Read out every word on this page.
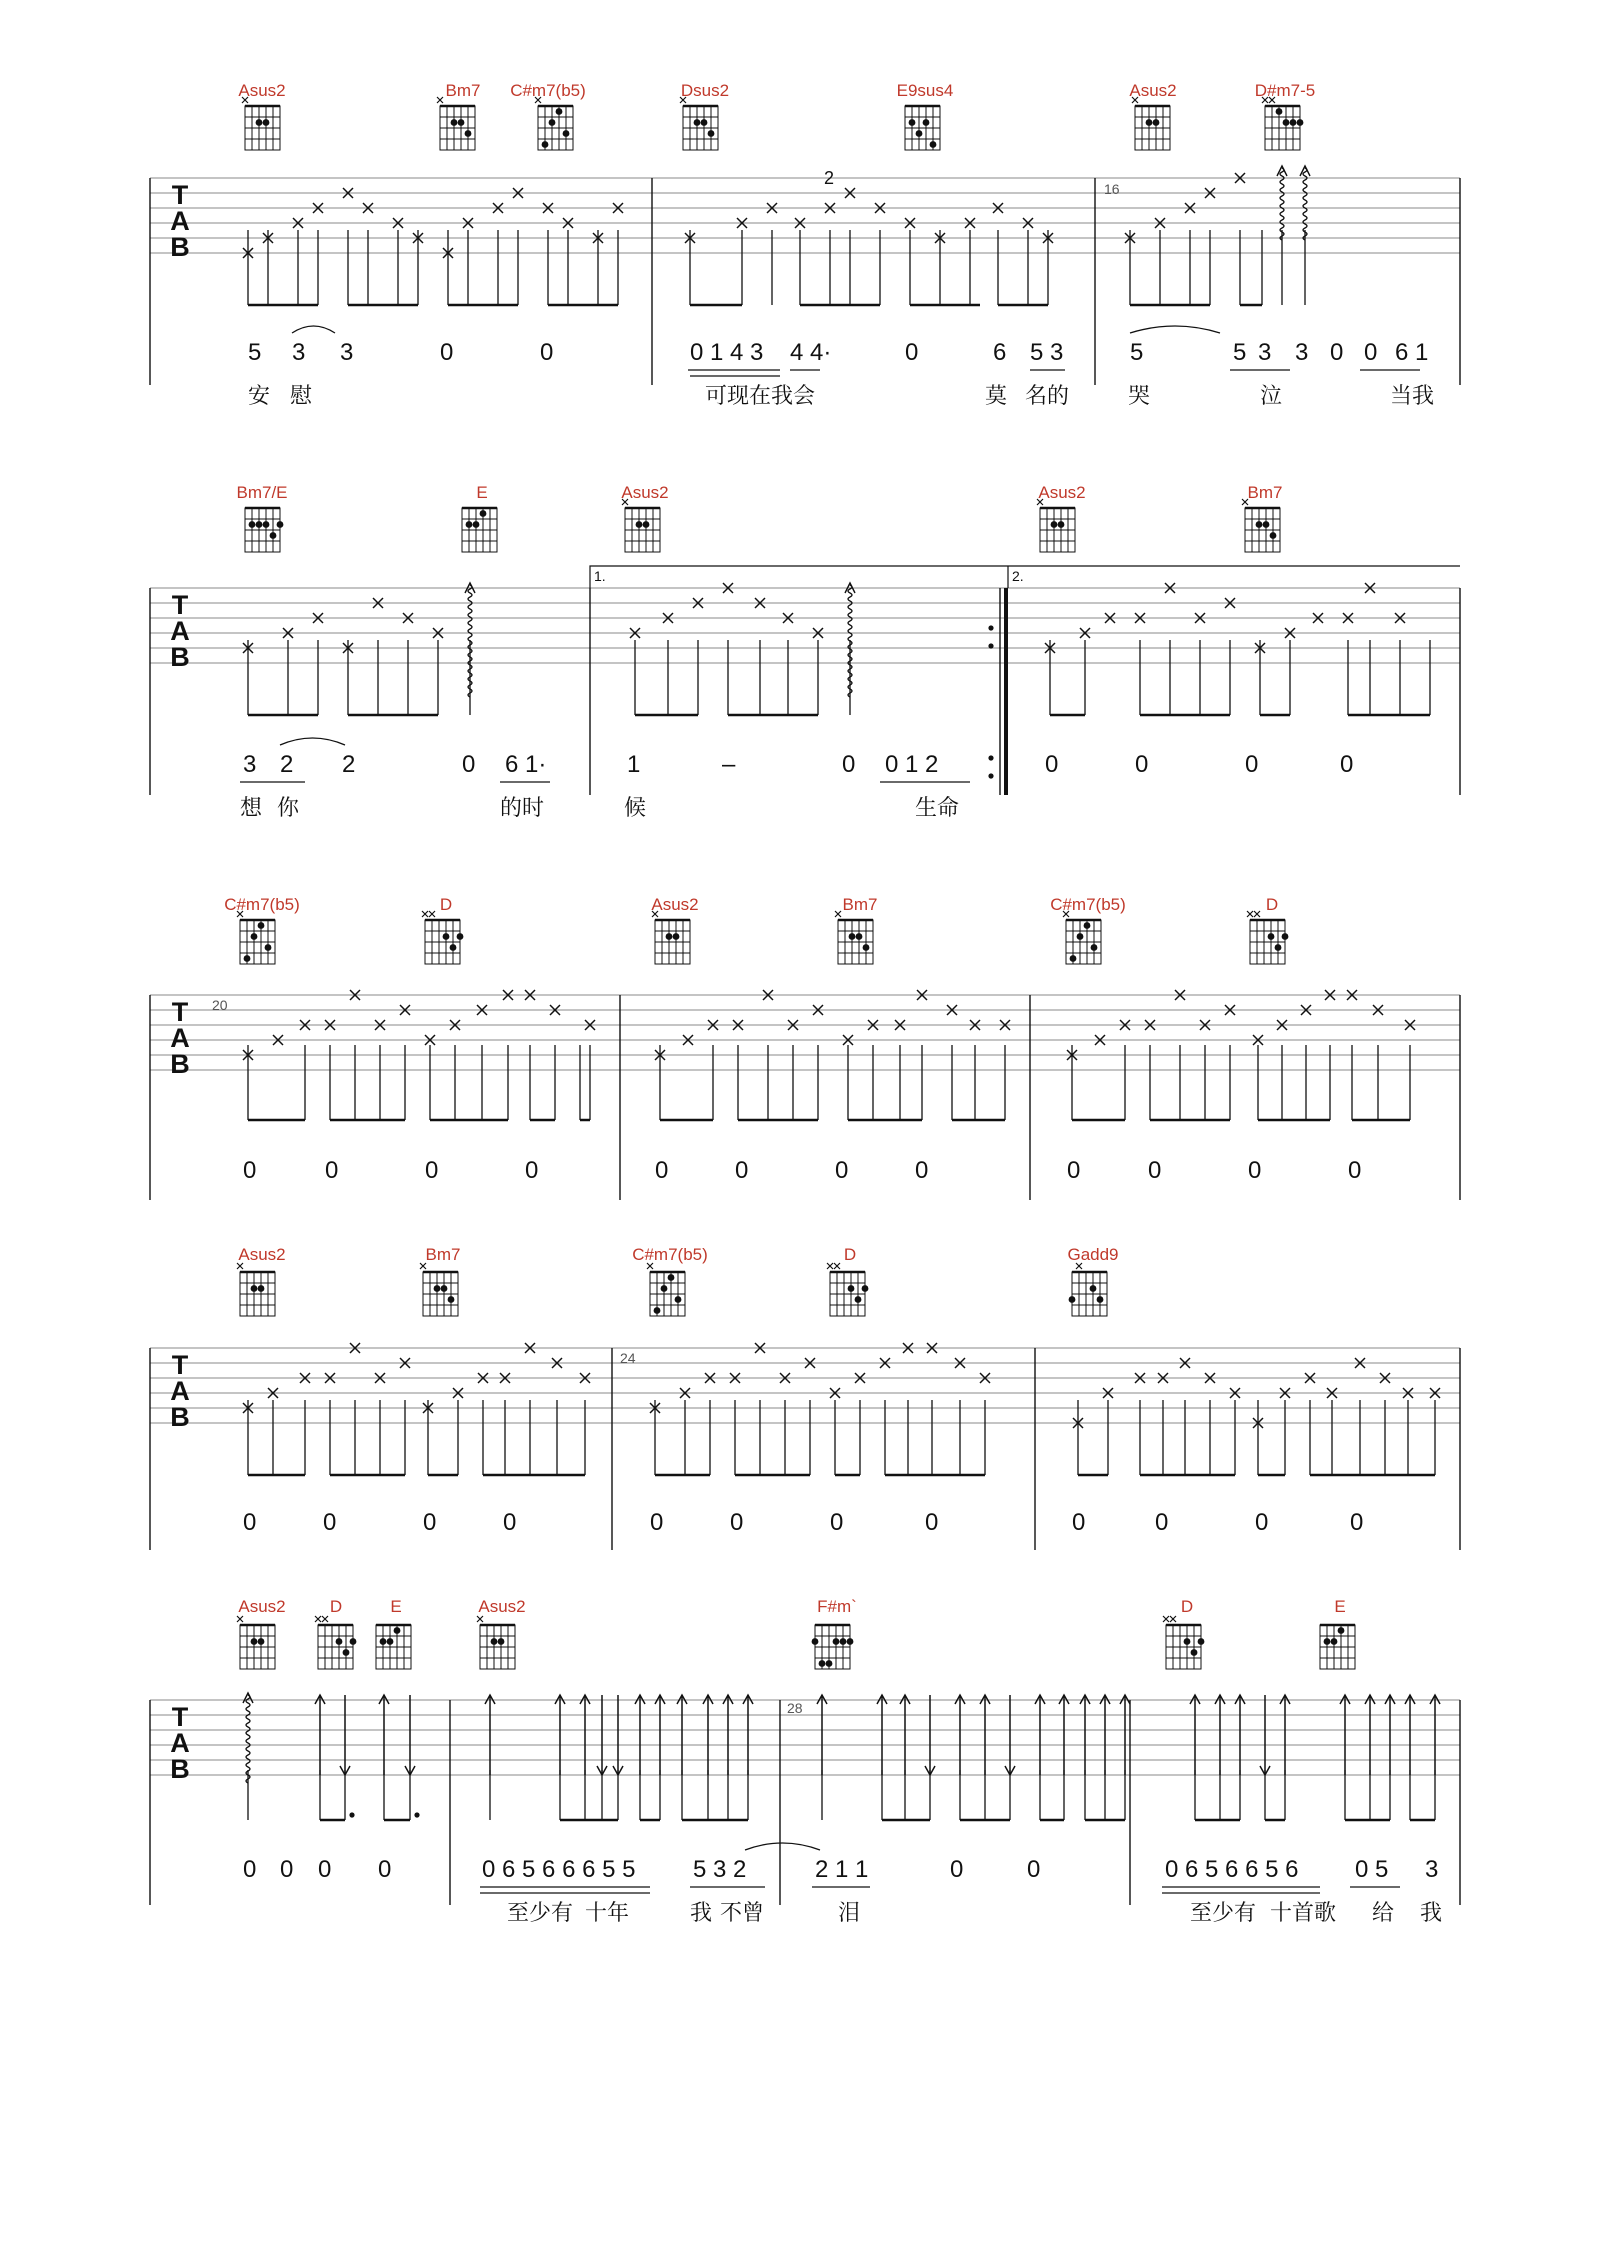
Asus2	Bm7 C#m7(b5)	Dsus2	E9sus4	Asus2	D#m7-5
T
A
B
16
2
5 3 3	0	0	0 1 4 3 4 4·	0	6 5 3	5	5 3 3 0 0 6 1
安 慰	可现在我会	莫 名的	哭	泣	当我
Bm7/E	E	Asus2	Asus2	Bm7
T
A
B
1.	2.
3 2 2	0 6 1·	1	–	0 0 1 2	0	0	0	0
想 你	的时	候	生命
C#m7(b5)	D	Asus2	Bm7	C#m7(b5)	D
T
A
B
20
0	0	0	0	0	0	0	0	0	0	0	0
Asus2	Bm7	C#m7(b5)	D	Gadd9
T
A
B
24
0	0	0	0	0	0	0	0	0	0	0	0
Asus2	D	E	Asus2	F#m`	D	E
T
A
B
28
0 0 0 0	0 6 5 6 6 6 5 5 5 3 2	2 1 1	0	0	0 6 5 6 6 5 6 0 5 3
至少有 十年	我 不曾	泪	至少有 十首歌 给 我
